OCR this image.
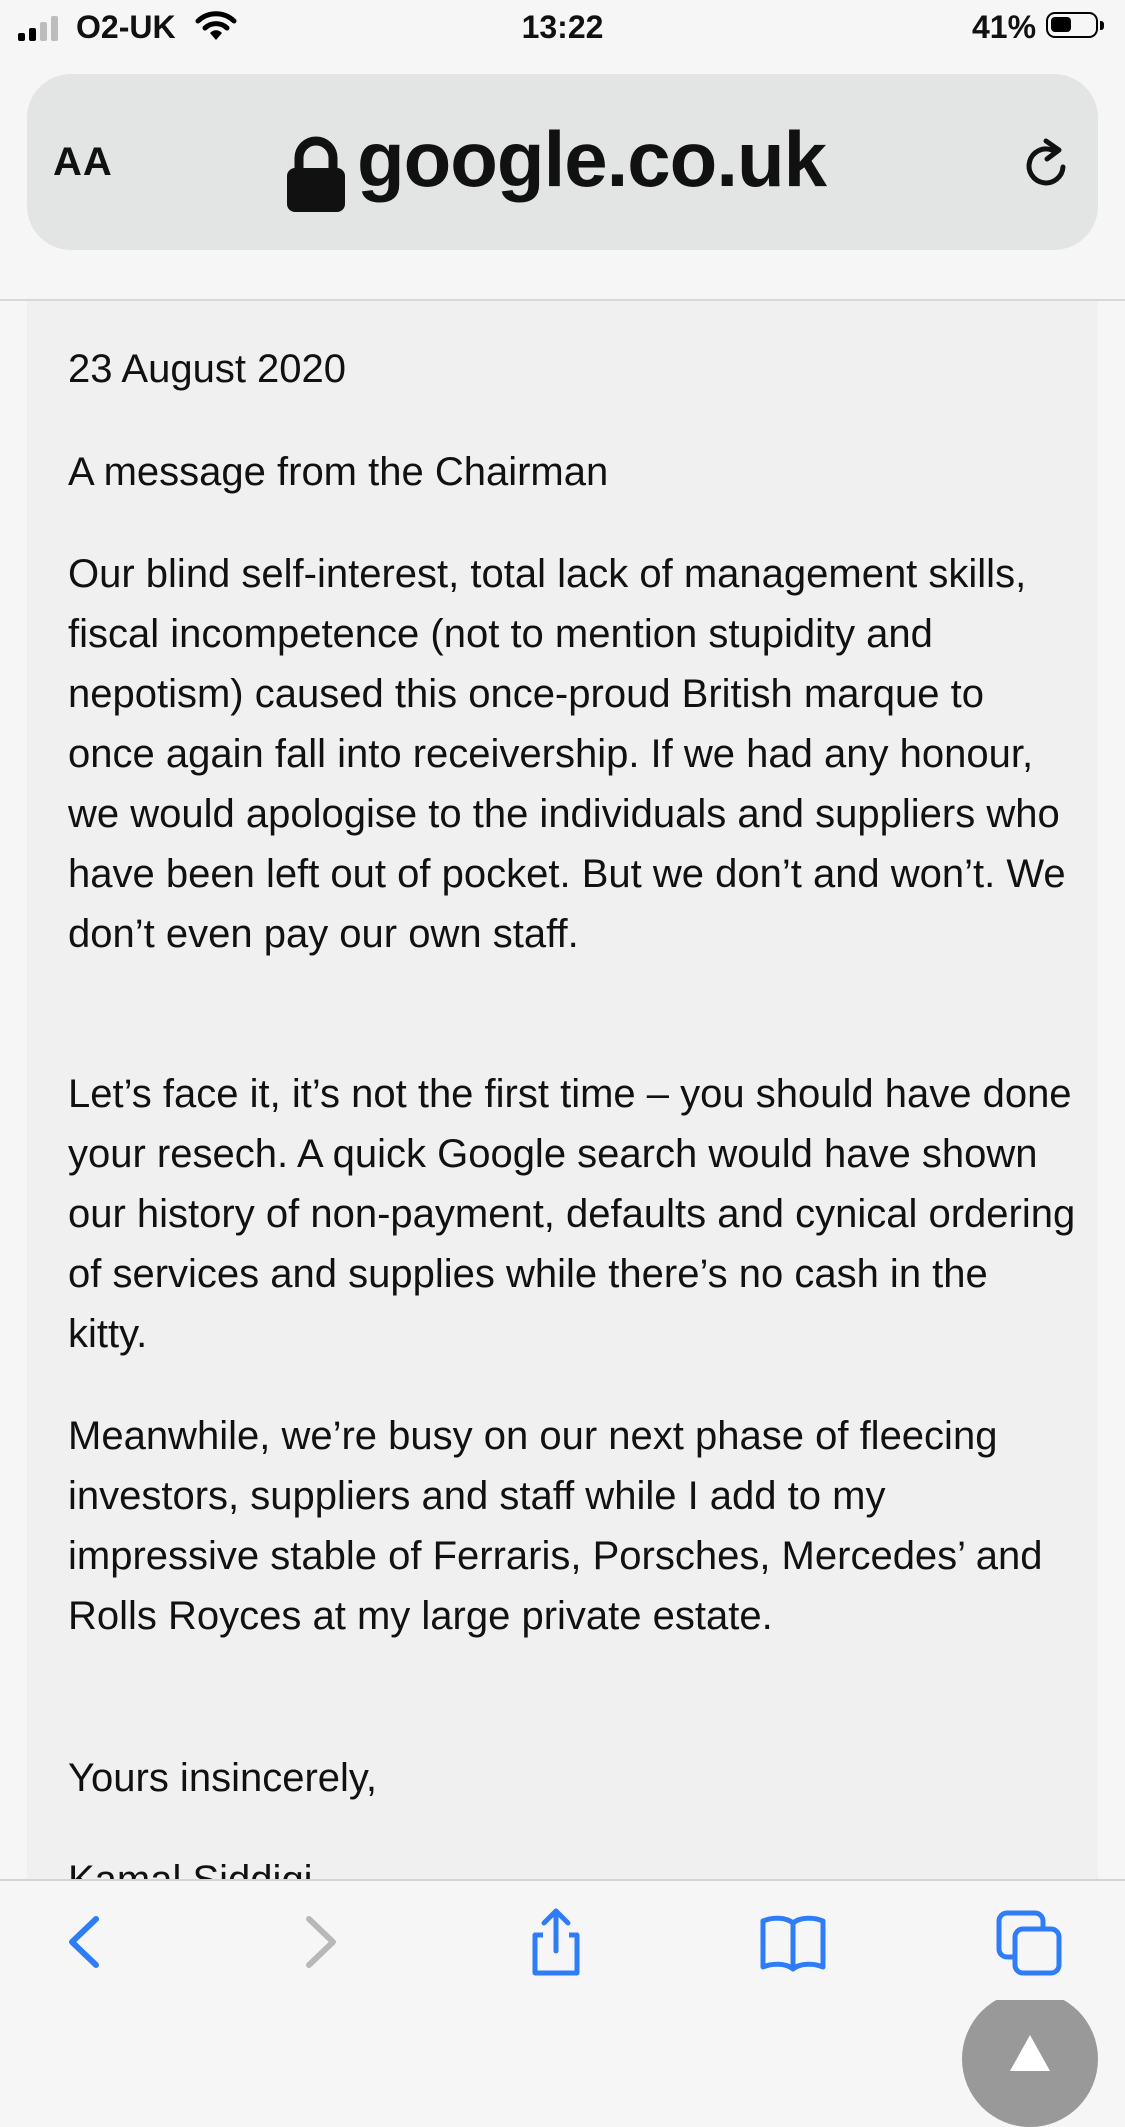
O2-UK	13:22	41%
AA	google.co.uk

23 August 2020

A message from the Chairman

Our blind self-interest, total lack of management skills, fiscal incompetence (not to mention stupidity and nepotism) caused this once-proud British marque to once again fall into receivership. If we had any honour, we would apologise to the individuals and suppliers who have been left out of pocket. But we don’t and won’t. We don’t even pay our own staff.

Let’s face it, it’s not the first time – you should have done your resech. A quick Google search would have shown our history of non-payment, defaults and cynical ordering of services and supplies while there’s no cash in the kitty.

Meanwhile, we’re busy on our next phase of fleecing investors, suppliers and staff while I add to my impressive stable of Ferraris, Porsches, Mercedes’ and Rolls Royces at my large private estate.

Yours insincerely,
